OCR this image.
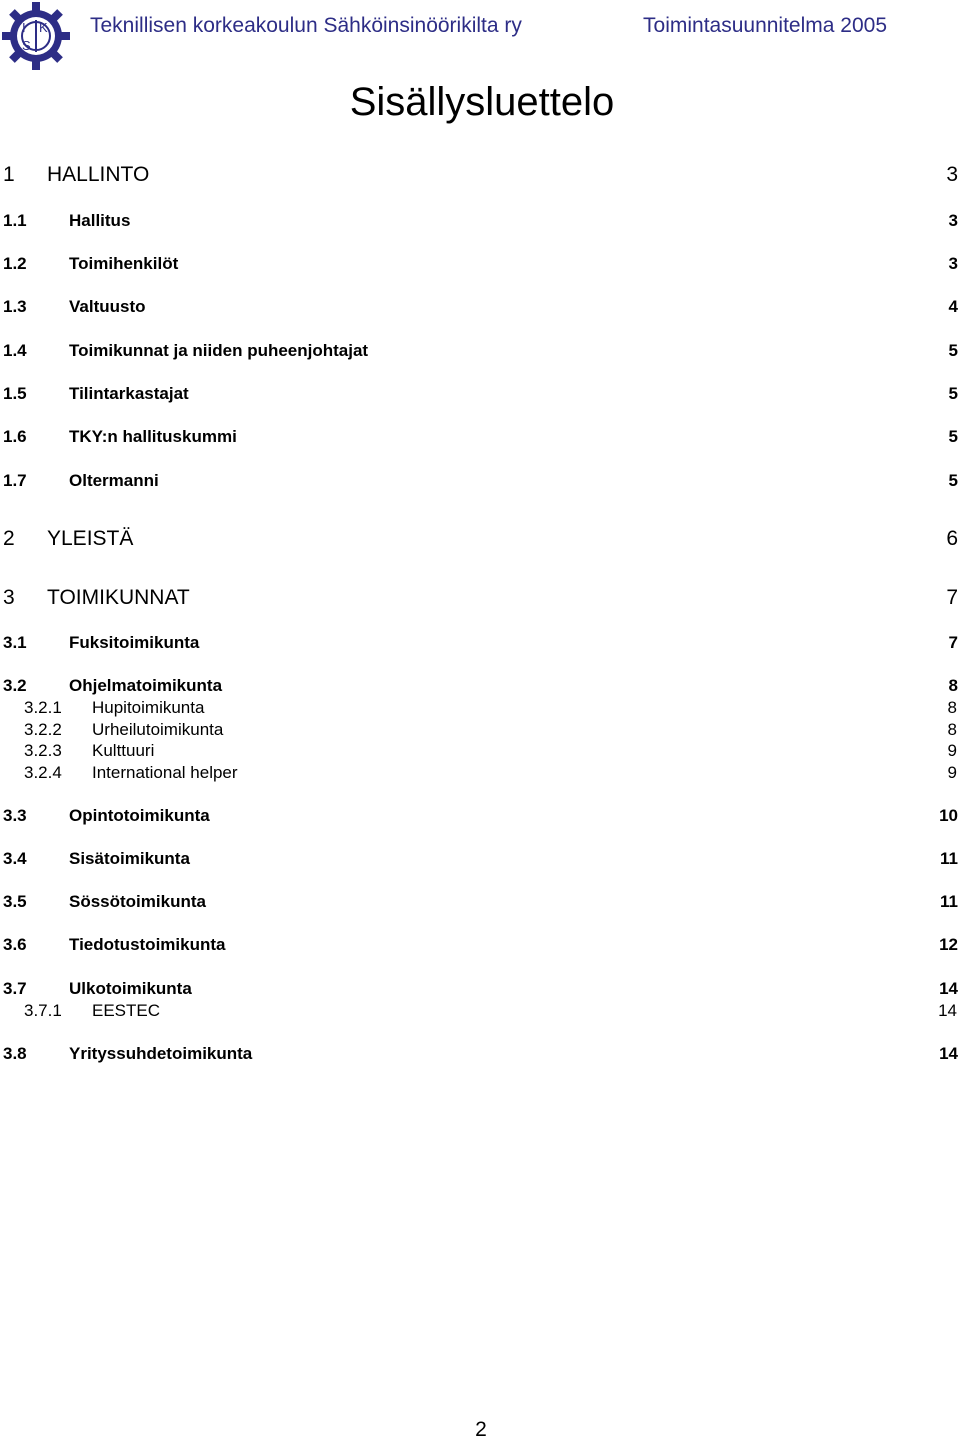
I K
S
Teknillisen korkeakoulun Sähköinsinöörikilta ry	Toimintasuunnitelma 2005
Sisällysluettelo
1 HALLINTO	3
1.1 Hallitus	3
1.2 Toimihenkilöt	3
1.3 Valtuusto	4
1.4 Toimikunnat ja niiden puheenjohtajat	5
1.5 Tilintarkastajat	5
1.6 TKY:n hallituskummi	5
1.7 Oltermanni	5
2 YLEISTÄ	6
3 TOIMIKUNNAT	7
3.1 Fuksitoimikunta	7
3.2 Ohjelmatoimikunta	8
3.2.1 Hupitoimikunta	8
3.2.2 Urheilutoimikunta	8
3.2.3 Kulttuuri	9
3.2.4 International helper	9
3.3 Opintotoimikunta	10
3.4 Sisätoimikunta	11
3.5 Sössötoimikunta	11
3.6 Tiedotustoimikunta	12
3.7 Ulkotoimikunta	14
3.7.1 EESTEC	14
3.8 Yrityssuhdetoimikunta	14
2
